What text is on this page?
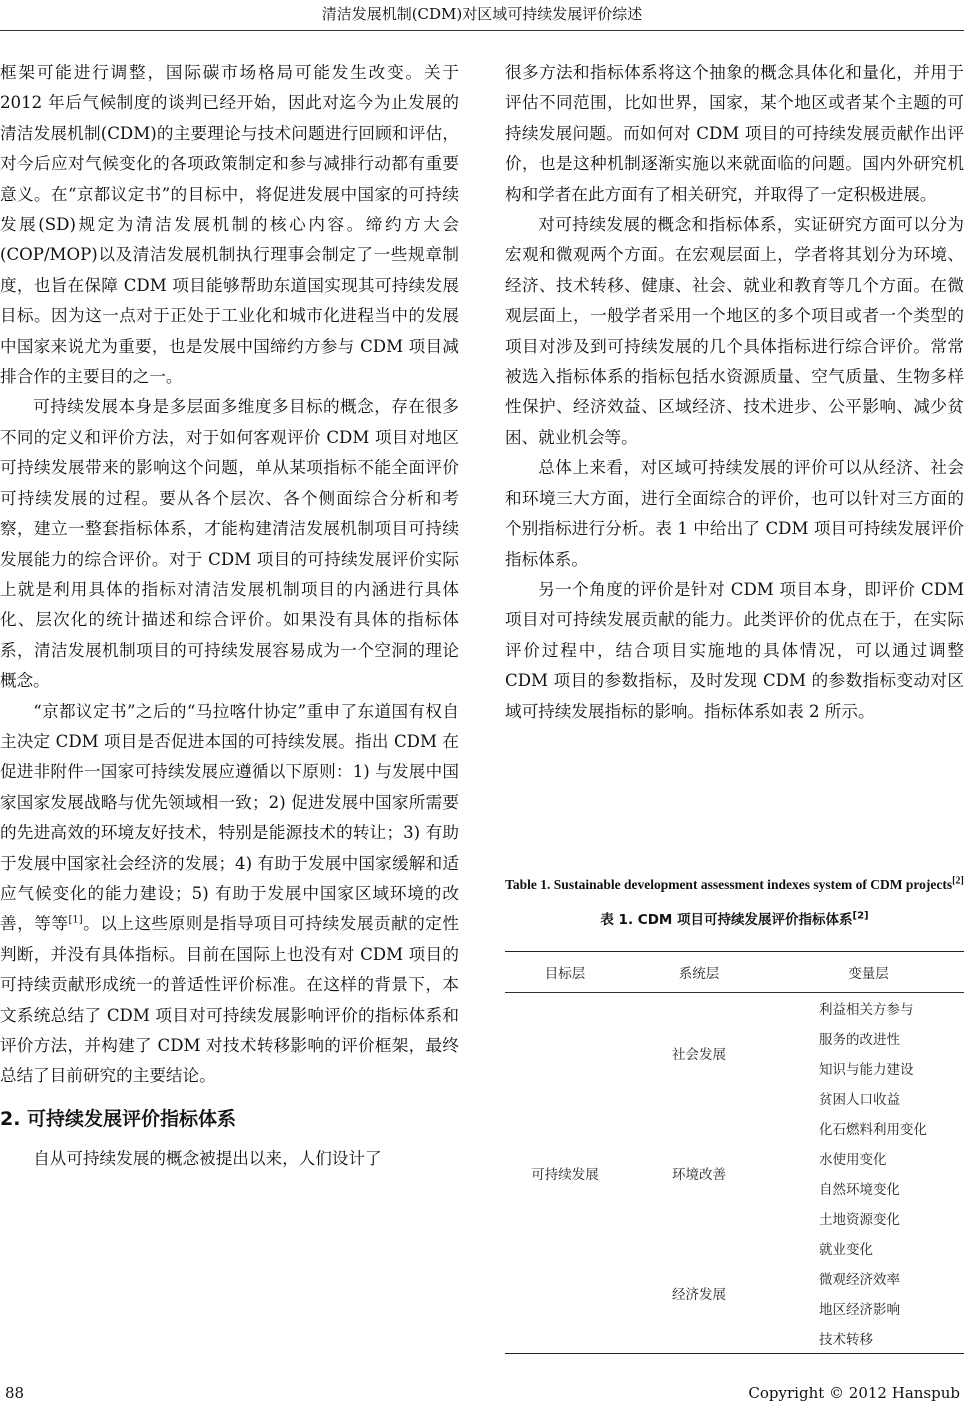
清洁发展机制(CDM)对区域可持续发展评价综述

框架可能进行调整，国际碳市场格局可能发生改变。关于 2012 年后气候制度的谈判已经开始，因此对迄今为止发展的清洁发展机制(CDM)的主要理论与技术问题进行回顾和评估，对今后应对气候变化的各项政策制定和参与减排行动都有重要意义。在“京都议定书”的目标中，将促进发展中国家的可持续发展(SD)规定为清洁发展机制的核心内容。缔约方大会(COP/MOP)以及清洁发展机制执行理事会制定了一些规章制度，也旨在保障 CDM 项目能够帮助东道国实现其可持续发展目标。因为这一点对于正处于工业化和城市化进程当中的发展中国家来说尤为重要，也是发展中国缔约方参与 CDM 项目减排合作的主要目的之一。

可持续发展本身是多层面多维度多目标的概念，存在很多不同的定义和评价方法，对于如何客观评价 CDM 项目对地区可持续发展带来的影响这个问题，单从某项指标不能全面评价可持续发展的过程。要从各个层次、各个侧面综合分析和考察，建立一整套指标体系，才能构建清洁发展机制项目可持续发展能力的综合评价。对于 CDM 项目的可持续发展评价实际上就是利用具体的指标对清洁发展机制项目的内涵进行具体化、层次化的统计描述和综合评价。如果没有具体的指标体系，清洁发展机制项目的可持续发展容易成为一个空洞的理论概念。

“京都议定书”之后的“马拉喀什协定”重申了东道国有权自主决定 CDM 项目是否促进本国的可持续发展。指出 CDM 在促进非附件一国家可持续发展应遵循以下原则：1) 与发展中国家国家发展战略与优先领域相一致；2) 促进发展中国家所需要的先进高效的环境友好技术，特别是能源技术的转让；3) 有助于发展中国家社会经济的发展；4) 有助于发展中国家缓解和适应气候变化的能力建设；5) 有助于发展中国家区域环境的改善，等等[1]。以上这些原则是指导项目可持续发展贡献的定性判断，并没有具体指标。目前在国际上也没有对 CDM 项目的可持续贡献形成统一的普适性评价标准。在这样的背景下，本文系统总结了 CDM 项目对可持续发展影响评价的指标体系和评价方法，并构建了 CDM 对技术转移影响的评价框架，最终总结了目前研究的主要结论。

2. 可持续发展评价指标体系

自从可持续发展的概念被提出以来，人们设计了

很多方法和指标体系将这个抽象的概念具体化和量化，并用于评估不同范围，比如世界，国家，某个地区或者某个主题的可持续发展问题。而如何对 CDM 项目的可持续发展贡献作出评价，也是这种机制逐渐实施以来就面临的问题。国内外研究机构和学者在此方面有了相关研究，并取得了一定积极进展。

对可持续发展的概念和指标体系，实证研究方面可以分为宏观和微观两个方面。在宏观层面上，学者将其划分为环境、经济、技术转移、健康、社会、就业和教育等几个方面。在微观层面上，一般学者采用一个地区的多个项目或者一个类型的项目对涉及到可持续发展的几个具体指标进行综合评价。常常被选入指标体系的指标包括水资源质量、空气质量、生物多样性保护、经济效益、区域经济、技术进步、公平影响、减少贫困、就业机会等。

总体上来看，对区域可持续发展的评价可以从经济、社会和环境三大方面，进行全面综合的评价，也可以针对三方面的个别指标进行分析。表 1 中给出了 CDM 项目可持续发展评价指标体系。

另一个角度的评价是针对 CDM 项目本身，即评价 CDM 项目对可持续发展贡献的能力。此类评价的优点在于，在实际评价过程中，结合项目实施地的具体情况，可以通过调整 CDM 项目的参数指标，及时发现 CDM 的参数指标变动对区域可持续发展指标的影响。指标体系如表 2 所示。

Table 1. Sustainable development assessment indexes system of CDM projects[2]
表 1. CDM 项目可持续发展评价指标体系[2]
目标层	系统层	变量层
可持续发展	社会发展	利益相关方参与
		服务的改进性
		知识与能力建设
		贫困人口收益
	环境改善	化石燃料利用变化
		水使用变化
		自然环境变化
		土地资源变化
	经济发展	就业变化
		微观经济效率
		地区经济影响
		技术转移
88	Copyright © 2012 Hanspub
